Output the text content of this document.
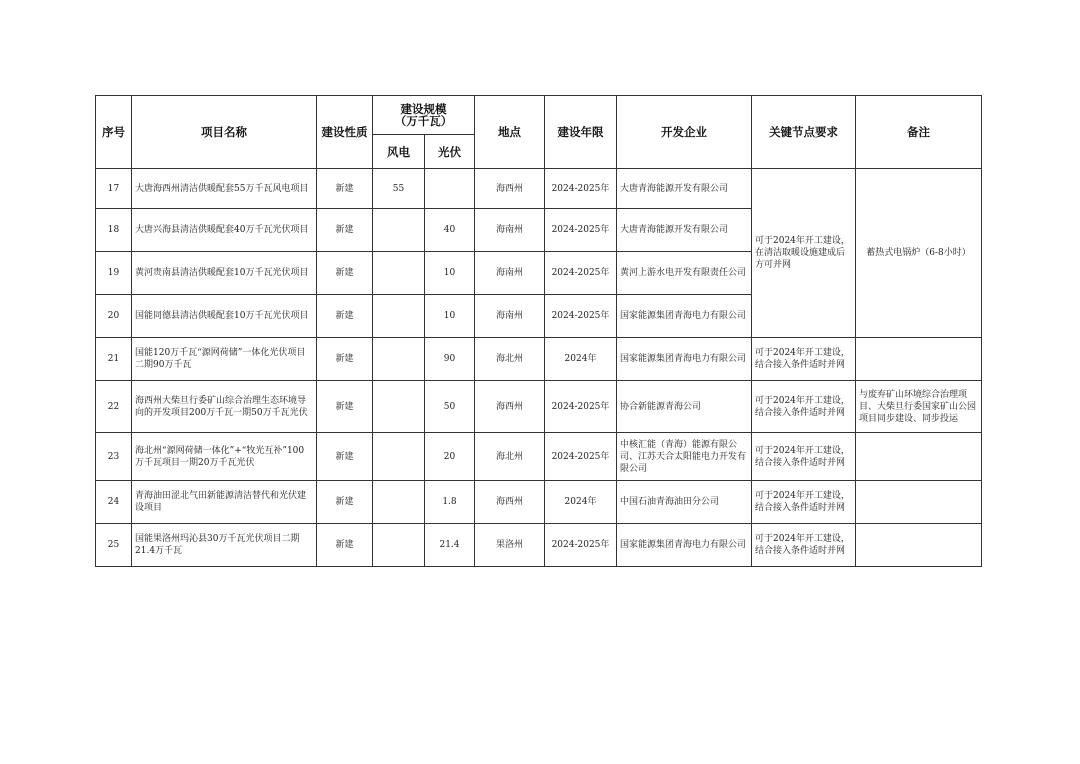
序号	项目名称	建设性质	建设规模
（万千瓦）		地点	建设年限	开发企业	关键节点要求	备注
			风电	光伏					
17	大唐海西州清洁供暖配套55万千瓦风电项目	新建	55		海西州	2024-2025年	大唐青海能源开发有限公司	可于2024年开工建设，在清洁取暖设施建成后方可并网	蓄热式电锅炉（6-8小时）
18	大唐兴海县清洁供暖配套40万千瓦光伏项目	新建		40	海南州	2024-2025年	大唐青海能源开发有限公司		
19	黄河贵南县清洁供暖配套10万千瓦光伏项目	新建		10	海南州	2024-2025年	黄河上游水电开发有限责任公司		
20	国能同德县清洁供暖配套10万千瓦光伏项目	新建		10	海南州	2024-2025年	国家能源集团青海电力有限公司		
21	国能120万千瓦“源网荷储”一体化光伏项目二期90万千瓦	新建		90	海北州	2024年	国家能源集团青海电力有限公司	可于2024年开工建设，结合接入条件适时并网	
22	海西州大柴旦行委矿山综合治理生态环境导向的开发项目200万千瓦一期50万千瓦光伏	新建		50	海西州	2024-2025年	协合新能源青海公司	可于2024年开工建设，结合接入条件适时并网	与废弃矿山环境综合治理项目、大柴旦行委国家矿山公园项目同步建设、同步投运
23	海北州“源网荷储一体化”+“牧光互补”100万千瓦项目一期20万千瓦光伏	新建		20	海北州	2024-2025年	中核汇能（青海）能源有限公司、江苏天合太阳能电力开发有限公司	可于2024年开工建设，结合接入条件适时并网	
24	青海油田涩北气田新能源清洁替代和光伏建设项目	新建		1.8	海西州	2024年	中国石油青海油田分公司	可于2024年开工建设，结合接入条件适时并网	
25	国能果洛州玛沁县30万千瓦光伏项目二期21.4万千瓦	新建		21.4	果洛州	2024-2025年	国家能源集团青海电力有限公司	可于2024年开工建设，结合接入条件适时并网	
